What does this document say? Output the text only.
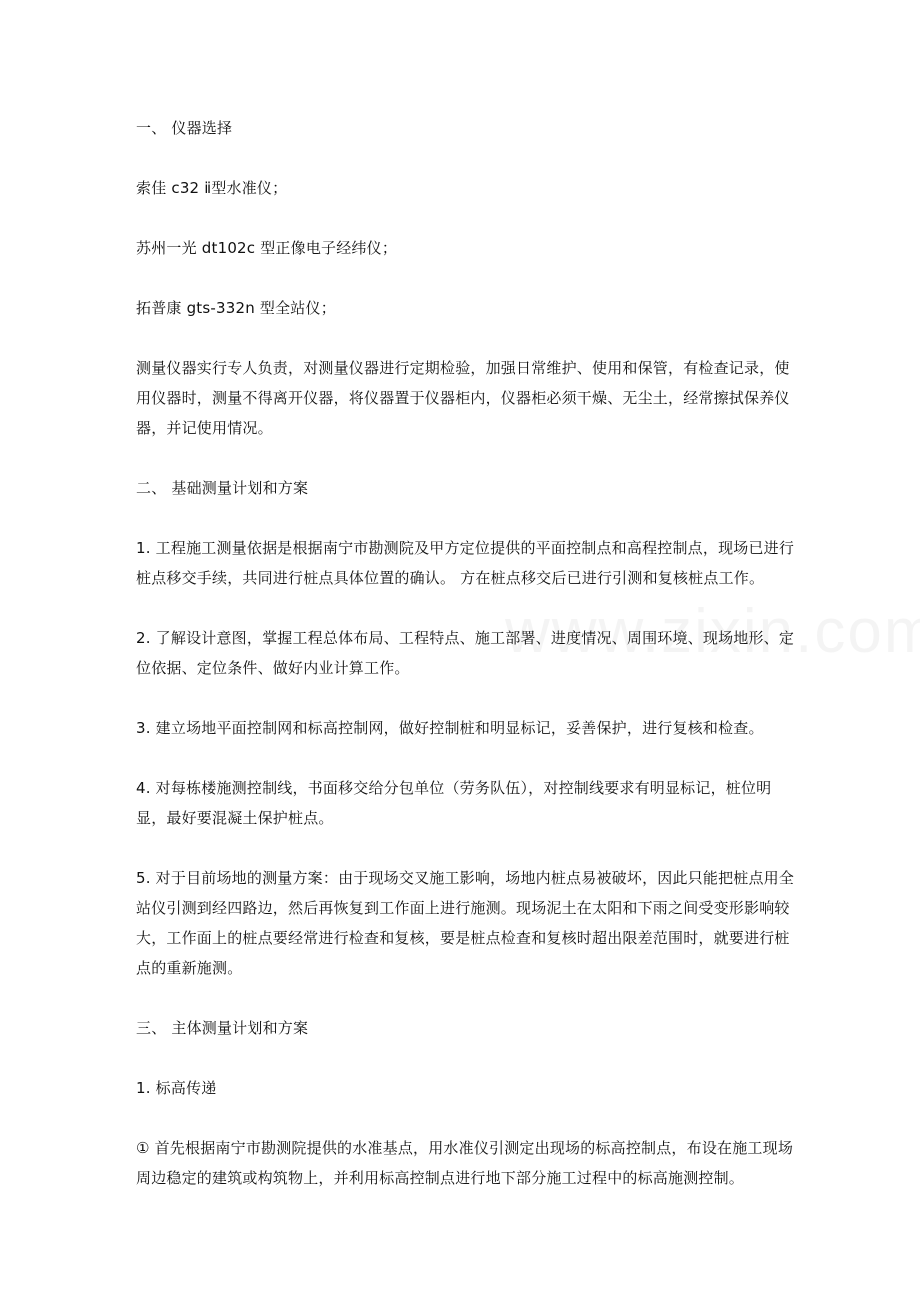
一、 仪器选择

索佳 c32 ⅱ型水准仪；

苏州一光 dt102c 型正像电子经纬仪；

拓普康 gts-332n 型全站仪；

测量仪器实行专人负责，对测量仪器进行定期检验，加强日常维护、使用和保管，有检查记录，使用仪器时，测量不得离开仪器，将仪器置于仪器柜内，仪器柜必须干燥、无尘土，经常擦拭保养仪器，并记使用情况。

二、 基础测量计划和方案

1. 工程施工测量依据是根据南宁市勘测院及甲方定位提供的平面控制点和高程控制点，现场已进行桩点移交手续，共同进行桩点具体位置的确认。 方在桩点移交后已进行引测和复核桩点工作。

2. 了解设计意图，掌握工程总体布局、工程特点、施工部署、进度情况、周围环境、现场地形、定位依据、定位条件、做好内业计算工作。

3. 建立场地平面控制网和标高控制网，做好控制桩和明显标记，妥善保护，进行复核和检查。

4. 对每栋楼施测控制线，书面移交给分包单位（劳务队伍），对控制线要求有明显标记，桩位明显，最好要混凝土保护桩点。

5. 对于目前场地的测量方案：由于现场交叉施工影响，场地内桩点易被破坏，因此只能把桩点用全站仪引测到经四路边，然后再恢复到工作面上进行施测。现场泥土在太阳和下雨之间受变形影响较大，工作面上的桩点要经常进行检查和复核，要是桩点检查和复核时超出限差范围时，就要进行桩点的重新施测。

三、 主体测量计划和方案

1. 标高传递

① 首先根据南宁市勘测院提供的水准基点，用水准仪引测定出现场的标高控制点，布设在施工现场周边稳定的建筑或构筑物上，并利用标高控制点进行地下部分施工过程中的标高施测控制。
